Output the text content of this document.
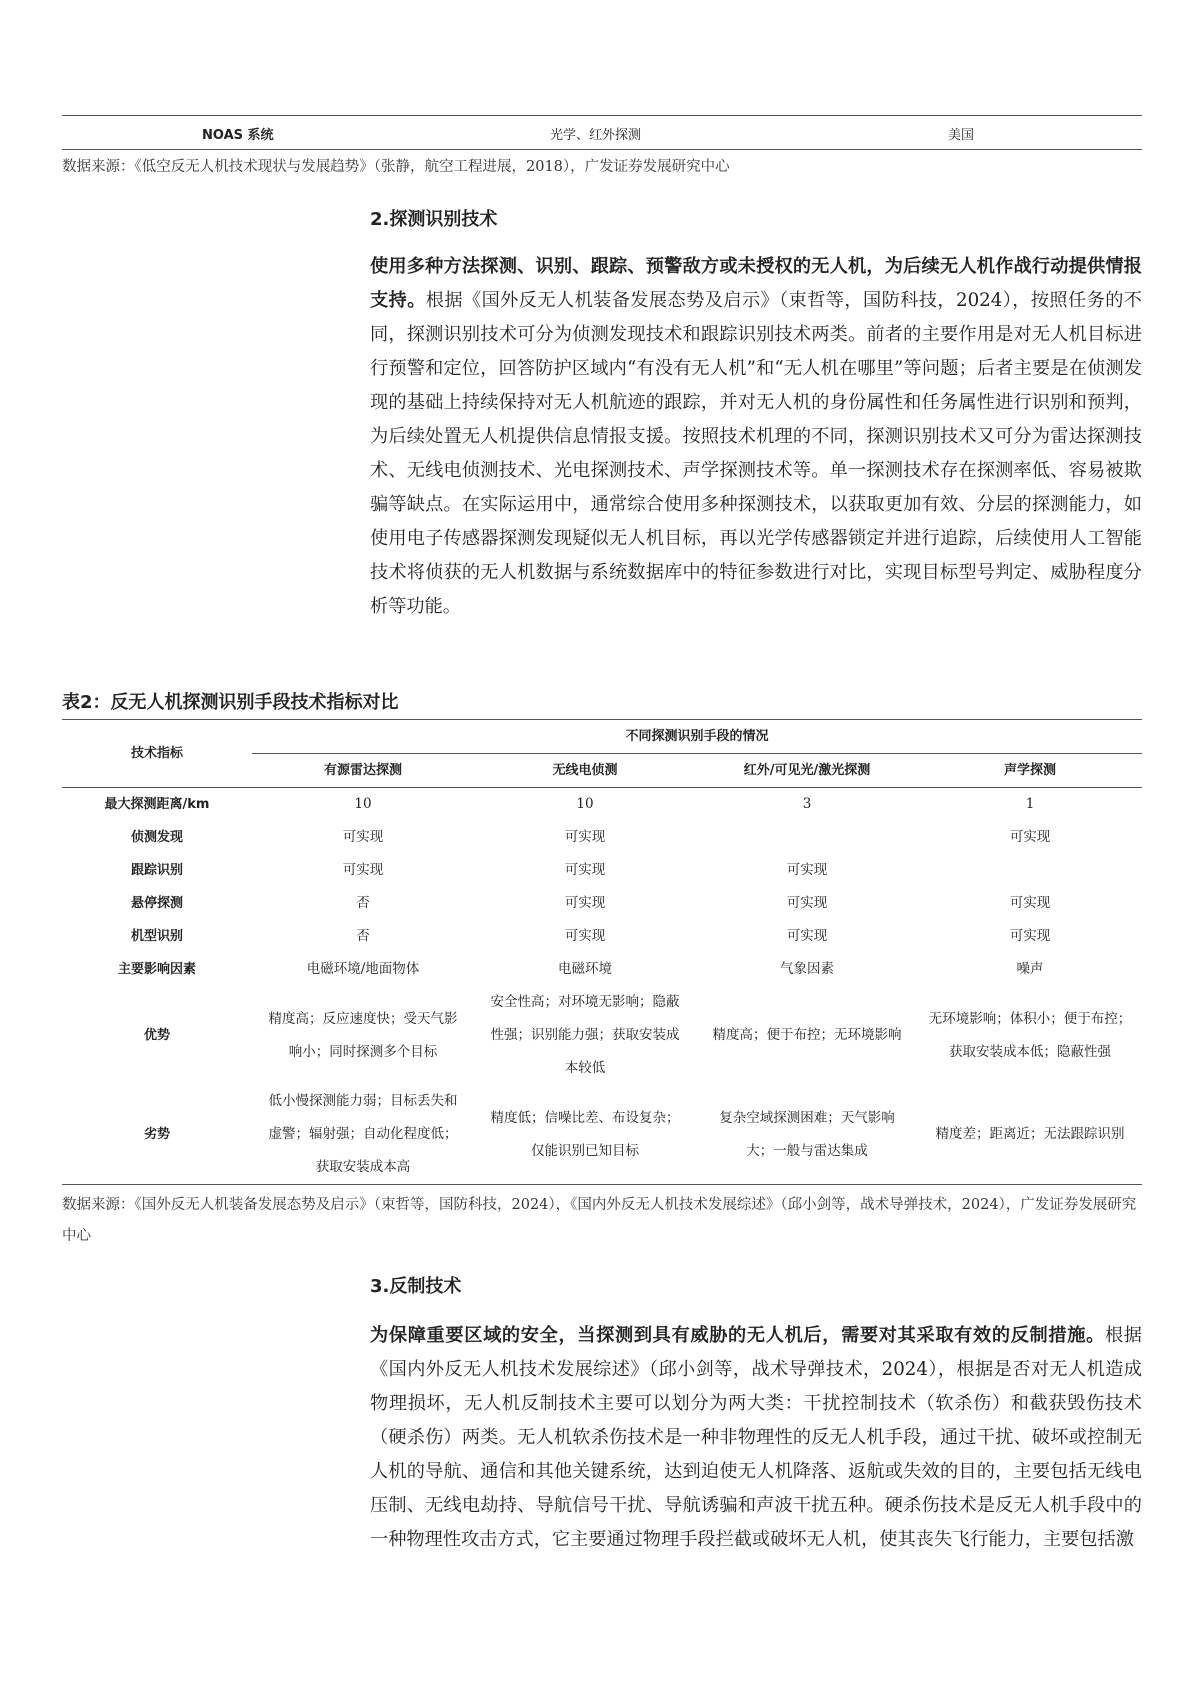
NOAS 系统	光学、红外探测	美国
数据来源：《低空反无人机技术现状与发展趋势》（张静，航空工程进展，2018），广发证券发展研究中心
2.探测识别技术
使用多种方法探测、识别、跟踪、预警敌方或未授权的无人机，为后续无人机作战行动提供情报支持。根据《国外反无人机装备发展态势及启示》（束哲等，国防科技，2024），按照任务的不同，探测识别技术可分为侦测发现技术和跟踪识别技术两类。前者的主要作用是对无人机目标进行预警和定位，回答防护区域内“有没有无人机”和“无人机在哪里”等问题；后者主要是在侦测发现的基础上持续保持对无人机航迹的跟踪，并对无人机的身份属性和任务属性进行识别和预判，为后续处置无人机提供信息情报支援。按照技术机理的不同，探测识别技术又可分为雷达探测技术、无线电侦测技术、光电探测技术、声学探测技术等。单一探测技术存在探测率低、容易被欺骗等缺点。在实际运用中，通常综合使用多种探测技术，以获取更加有效、分层的探测能力，如使用电子传感器探测发现疑似无人机目标，再以光学传感器锁定并进行追踪，后续使用人工智能技术将侦获的无人机数据与系统数据库中的特征参数进行对比，实现目标型号判定、威胁程度分析等功能。
表2：反无人机探测识别手段技术指标对比
技术指标	不同探测识别手段的情况			
	有源雷达探测	无线电侦测	红外/可见光/激光探测	声学探测
最大探测距离/km	10	10	3	1
侦测发现	可实现	可实现		可实现
跟踪识别	可实现	可实现	可实现	
悬停探测	否	可实现	可实现	可实现
机型识别	否	可实现	可实现	可实现
主要影响因素	电磁环境/地面物体	电磁环境	气象因素	噪声
优势	精度高；反应速度快；受天气影响小；同时探测多个目标	安全性高；对环境无影响；隐蔽性强；识别能力强；获取安装成本较低	精度高；便于布控；无环境影响	无环境影响；体积小；便于布控；获取安装成本低；隐蔽性强
劣势	低小慢探测能力弱；目标丢失和虚警；辐射强；自动化程度低；获取安装成本高	精度低；信噪比差、布设复杂；仅能识别已知目标	复杂空域探测困难；天气影响大；一般与雷达集成	精度差；距离近；无法跟踪识别
数据来源：《国外反无人机装备发展态势及启示》（束哲等，国防科技，2024），《国内外反无人机技术发展综述》（邱小剑等，战术导弹技术，2024），广发证券发展研究中心
3.反制技术
为保障重要区域的安全，当探测到具有威胁的无人机后，需要对其采取有效的反制措施。根据《国内外反无人机技术发展综述》（邱小剑等，战术导弹技术，2024），根据是否对无人机造成物理损坏，无人机反制技术主要可以划分为两大类：干扰控制技术（软杀伤）和截获毁伤技术（硬杀伤）两类。无人机软杀伤技术是一种非物理性的反无人机手段，通过干扰、破坏或控制无人机的导航、通信和其他关键系统，达到迫使无人机降落、返航或失效的目的，主要包括无线电压制、无线电劫持、导航信号干扰、导航诱骗和声波干扰五种。硬杀伤技术是反无人机手段中的一种物理性攻击方式，它主要通过物理手段拦截或破坏无人机，使其丧失飞行能力，主要包括激
